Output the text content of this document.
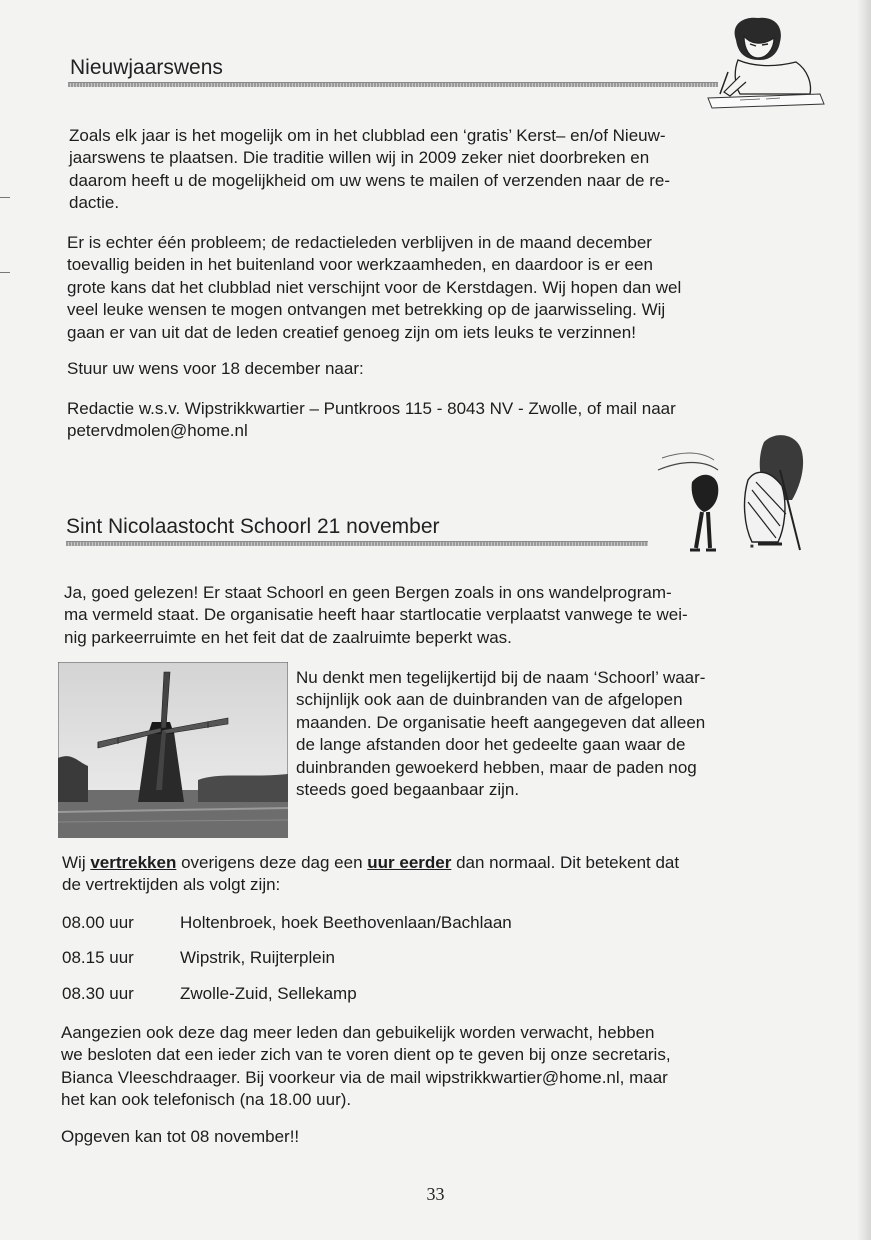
Nieuwjaarswens
Zoals elk jaar is het mogelijk om in het clubblad een ‘gratis’ Kerst– en/of Nieuw-
jaarswens te plaatsen. Die traditie willen wij in 2009 zeker niet doorbreken en
daarom heeft u de mogelijkheid om uw wens te mailen of verzenden naar de re-
dactie.
Er is echter één probleem; de redactieleden verblijven in de maand december
toevallig beiden in het buitenland voor werkzaamheden, en daardoor is er een
grote kans dat het clubblad niet verschijnt voor de Kerstdagen. Wij hopen dan wel
veel leuke wensen te mogen ontvangen met betrekking op de jaarwisseling. Wij
gaan er van uit dat de leden creatief genoeg zijn om iets leuks te verzinnen!
Stuur uw wens voor 18 december naar:
Redactie w.s.v. Wipstrikkwartier – Puntkroos 115 - 8043 NV - Zwolle, of mail naar
petervdmolen@home.nl
■
Sint Nicolaastocht Schoorl 21 november
Ja, goed gelezen! Er staat Schoorl en geen Bergen zoals in ons wandelprogram-
ma vermeld staat. De organisatie heeft haar startlocatie verplaatst vanwege te wei-
nig parkeerruimte en het feit dat de zaalruimte beperkt was.
Nu denkt men tegelijkertijd bij de naam ‘Schoorl’ waar-
schijnlijk ook aan de duinbranden van de afgelopen
maanden. De organisatie heeft aangegeven dat alleen
de lange afstanden door het gedeelte gaan waar de
duinbranden gewoekerd hebben, maar de paden nog
steeds goed begaanbaar zijn.
Wij vertrekken overigens deze dag een uur eerder dan normaal. Dit betekent dat
de vertrektijden als volgt zijn:
08.00 uur	Holtenbroek, hoek Beethovenlaan/Bachlaan
08.15 uur	Wipstrik, Ruijterplein
08.30 uur	Zwolle-Zuid, Sellekamp
Aangezien ook deze dag meer leden dan gebuikelijk worden verwacht, hebben
we besloten dat een ieder zich van te voren dient op te geven bij onze secretaris,
Bianca Vleeschdraager. Bij voorkeur via de mail wipstrikkwartier@home.nl, maar
het kan ook telefonisch (na 18.00 uur).
Opgeven kan tot 08 november!!
33
